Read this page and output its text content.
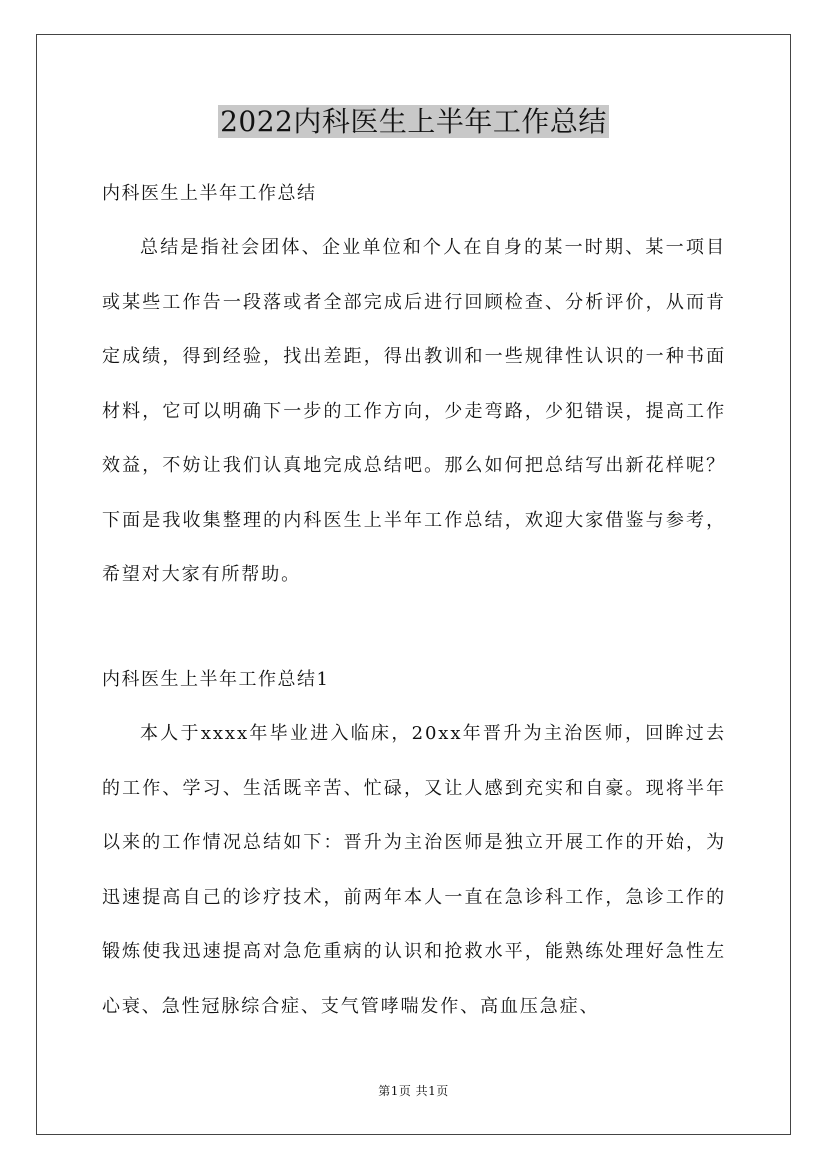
2022内科医生上半年工作总结

内科医生上半年工作总结

总结是指社会团体、企业单位和个人在自身的某一时期、某一项目或某些工作告一段落或者全部完成后进行回顾检查、分析评价，从而肯定成绩，得到经验，找出差距，得出教训和一些规律性认识的一种书面材料，它可以明确下一步的工作方向，少走弯路，少犯错误，提高工作效益，不妨让我们认真地完成总结吧。那么如何把总结写出新花样呢？下面是我收集整理的内科医生上半年工作总结，欢迎大家借鉴与参考，希望对大家有所帮助。

内科医生上半年工作总结1

本人于xxxx年毕业进入临床，20xx年晋升为主治医师，回眸过去的工作、学习、生活既辛苦、忙碌，又让人感到充实和自豪。现将半年以来的工作情况总结如下：晋升为主治医师是独立开展工作的开始，为迅速提高自己的诊疗技术，前两年本人一直在急诊科工作，急诊工作的锻炼使我迅速提高对急危重病的认识和抢救水平，能熟练处理好急性左心衰、急性冠脉综合症、支气管哮喘发作、高血压急症、

第1页 共1页
